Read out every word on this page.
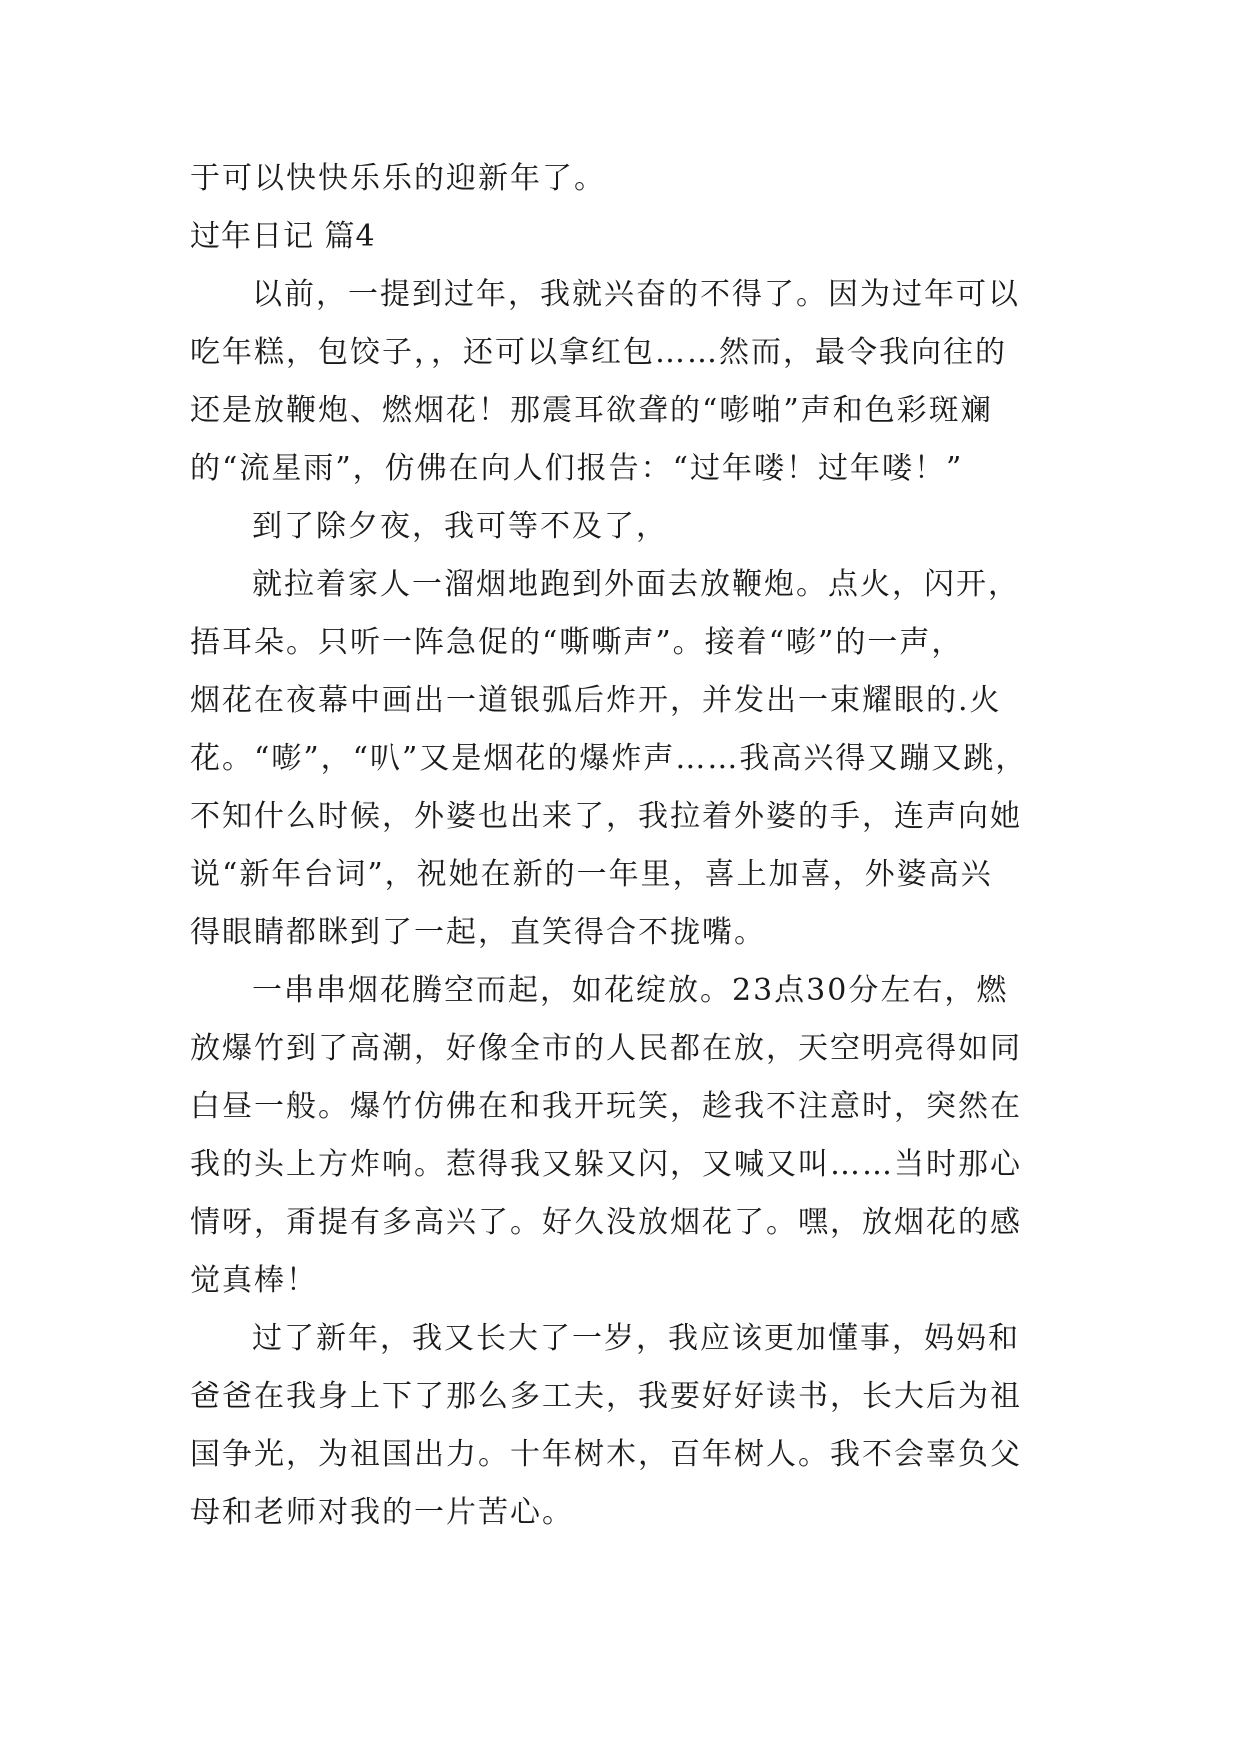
于可以快快乐乐的迎新年了。
过年日记 篇4
以前，一提到过年，我就兴奋的不得了。因为过年可以
吃年糕，包饺子，，还可以拿红包……然而，最令我向往的
还是放鞭炮、燃烟花！那震耳欲聋的“嘭啪”声和色彩斑斓
的“流星雨”，仿佛在向人们报告：“过年喽！过年喽！”
到了除夕夜，我可等不及了，
就拉着家人一溜烟地跑到外面去放鞭炮。点火，闪开，
捂耳朵。只听一阵急促的“嘶嘶声”。接着“嘭”的一声，
烟花在夜幕中画出一道银弧后炸开，并发出一束耀眼的.火
花。“嘭”，“叭”又是烟花的爆炸声……我高兴得又蹦又跳，
不知什么时候，外婆也出来了，我拉着外婆的手，连声向她
说“新年台词”，祝她在新的一年里，喜上加喜，外婆高兴
得眼睛都眯到了一起，直笑得合不拢嘴。
一串串烟花腾空而起，如花绽放。23点30分左右，燃
放爆竹到了高潮，好像全市的人民都在放，天空明亮得如同
白昼一般。爆竹仿佛在和我开玩笑，趁我不注意时，突然在
我的头上方炸响。惹得我又躲又闪，又喊又叫……当时那心
情呀，甭提有多高兴了。好久没放烟花了。嘿，放烟花的感
觉真棒！
过了新年，我又长大了一岁，我应该更加懂事，妈妈和
爸爸在我身上下了那么多工夫，我要好好读书，长大后为祖
国争光，为祖国出力。十年树木，百年树人。我不会辜负父
母和老师对我的一片苦心。
